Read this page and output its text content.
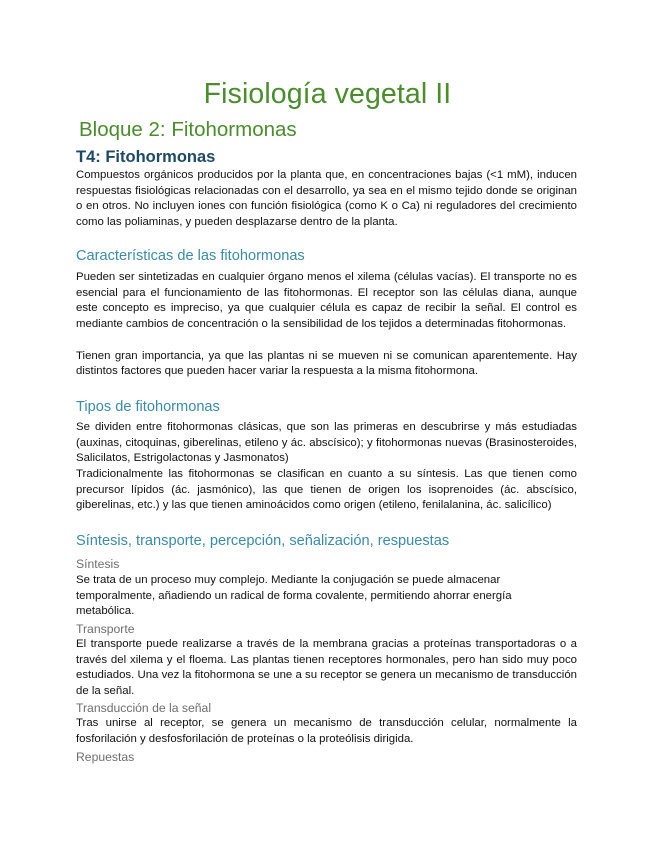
Fisiología vegetal II
Bloque 2: Fitohormonas
T4: Fitohormonas
Compuestos orgánicos producidos por la planta que, en concentraciones bajas (<1 mM), inducen respuestas fisiológicas relacionadas con el desarrollo, ya sea en el mismo tejido donde se originan o en otros. No incluyen iones con función fisiológica (como K o Ca) ni reguladores del crecimiento como las poliaminas, y pueden desplazarse dentro de la planta.
Características de las fitohormonas
Pueden ser sintetizadas en cualquier órgano menos el xilema (células vacías). El transporte no es esencial para el funcionamiento de las fitohormonas. El receptor son las células diana, aunque este concepto es impreciso, ya que cualquier célula es capaz de recibir la señal. El control es mediante cambios de concentración o la sensibilidad de los tejidos a determinadas fitohormonas.
Tienen gran importancia, ya que las plantas ni se mueven ni se comunican aparentemente. Hay distintos factores que pueden hacer variar la respuesta a la misma fitohormona.
Tipos de fitohormonas
Se dividen entre fitohormonas clásicas, que son las primeras en descubrirse y más estudiadas (auxinas, citoquinas, giberelinas, etileno y ác. abscísico); y fitohormonas nuevas (Brasinosteroides, Salicilatos, Estrigolactonas y Jasmonatos)
Tradicionalmente las fitohormonas se clasifican en cuanto a su síntesis. Las que tienen como precursor lípidos (ác. jasmónico), las que tienen de origen los isoprenoides (ác. abscísico, giberelinas, etc.) y las que tienen aminoácidos como origen (etileno, fenilalanina, ác. salicílico)
Síntesis, transporte, percepción, señalización, respuestas
Síntesis
Se trata de un proceso muy complejo. Mediante la conjugación se puede almacenar
temporalmente, añadiendo un radical de forma covalente, permitiendo ahorrar energía
metabólica.
Transporte
El transporte puede realizarse a través de la membrana gracias a proteínas transportadoras o a través del xilema y el floema. Las plantas tienen receptores hormonales, pero han sido muy poco estudiados. Una vez la fitohormona se une a su receptor se genera un mecanismo de transducción de la señal.
Transducción de la señal
Tras unirse al receptor, se genera un mecanismo de transducción celular, normalmente la fosforilación y desfosforilación de proteínas o la proteólisis dirigida.
Repuestas
